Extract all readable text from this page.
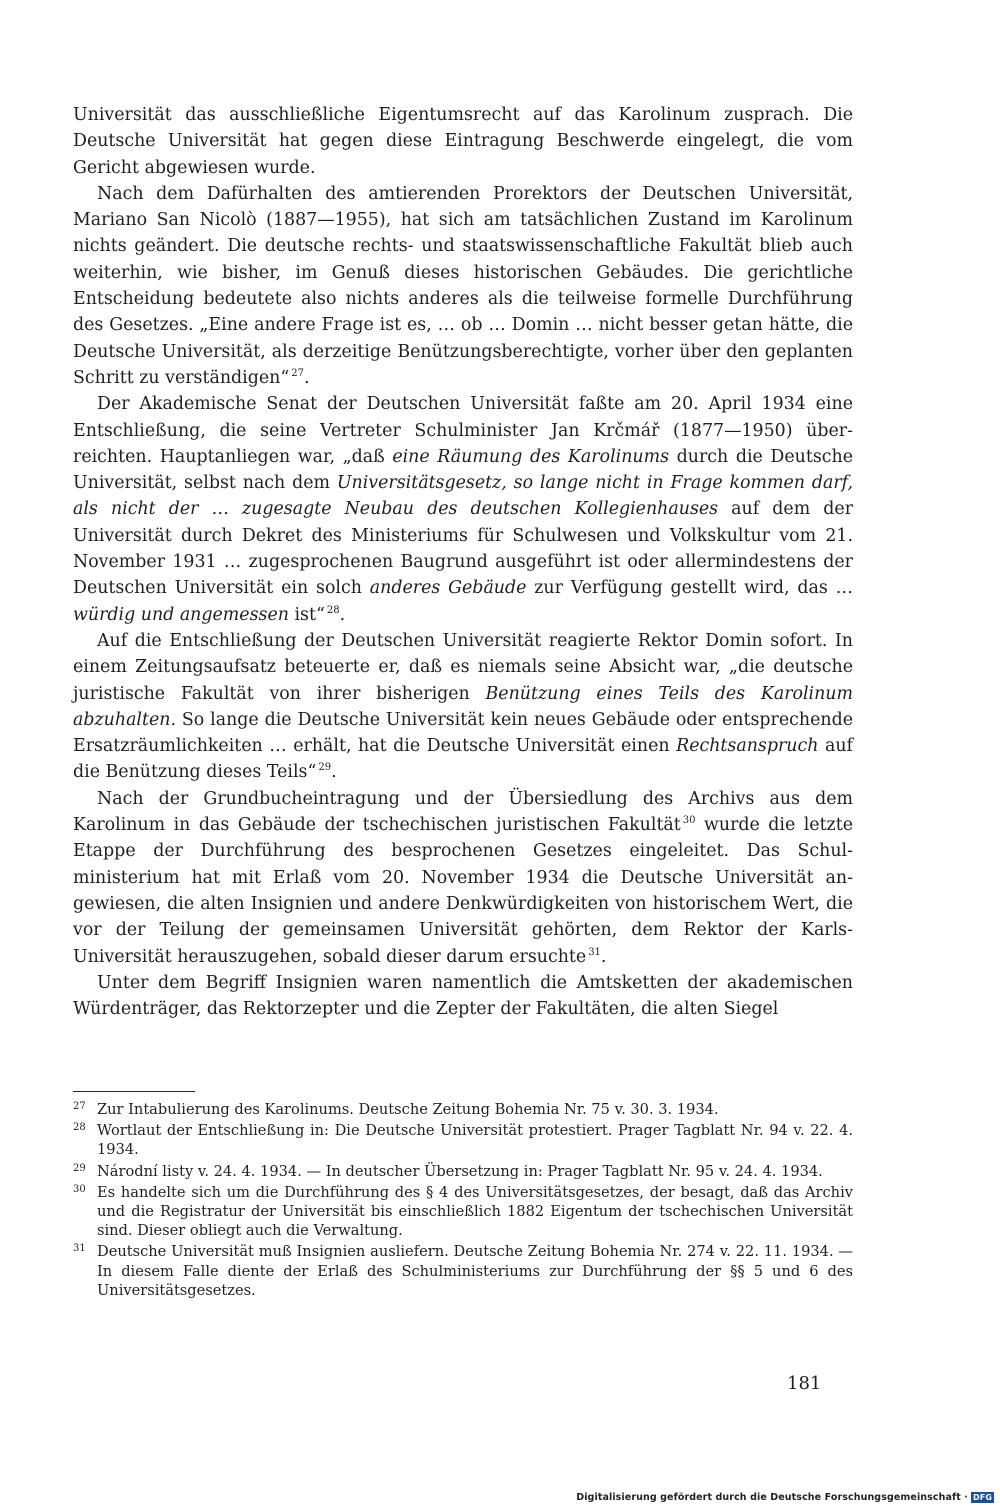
Universität das ausschließliche Eigentumsrecht auf das Karolinum zusprach. Die Deutsche Universität hat gegen diese Eintragung Beschwerde eingelegt, die vom Gericht abgewiesen wurde.

Nach dem Dafürhalten des amtierenden Prorektors der Deutschen Universität, Mariano San Nicolò (1887—1955), hat sich am tatsächlichen Zustand im Karolinum nichts geändert. Die deutsche rechts- und staatswissenschaftliche Fakultät blieb auch weiterhin, wie bisher, im Genuß dieses historischen Gebäudes. Die gerichtliche Entscheidung bedeutete also nichts anderes als die teilweise formelle Durchführung des Gesetzes. „Eine andere Frage ist es, … ob … Domin … nicht besser getan hätte, die Deutsche Universität, als derzeitige Benützungsberechtigte, vorher über den geplanten Schritt zu verständigen“ $^{27}$.

Der Akademische Senat der Deutschen Universität faßte am 20. April 1934 eine Entschließung, die seine Vertreter Schulminister Jan Krčmář (1877—1950) überreichten. Hauptanliegen war, „daß eine Räumung des Karolinums durch die Deutsche Universität, selbst nach dem Universitätsgesetz, so lange nicht in Frage kommen darf, als nicht der … zugesagte Neubau des deutschen Kollegienhauses auf dem der Universität durch Dekret des Ministeriums für Schulwesen und Volkskultur vom 21. November 1931 … zugesprochenen Baugrund ausgeführt ist oder allermindestens der Deutschen Universität ein solch anderes Gebäude zur Verfügung gestellt wird, das … würdig und angemessen ist“ $^{28}$.

Auf die Entschließung der Deutschen Universität reagierte Rektor Domin sofort. In einem Zeitungsaufsatz beteuerte er, daß es niemals seine Absicht war, „die deutsche juristische Fakultät von ihrer bisherigen Benützung eines Teils des Karolinum abzuhalten. So lange die Deutsche Universität kein neues Gebäude oder entsprechende Ersatzräumlichkeiten … erhält, hat die Deutsche Universität einen Rechtsanspruch auf die Benützung dieses Teils“ $^{29}$.

Nach der Grundbucheintragung und der Übersiedlung des Archivs aus dem Karolinum in das Gebäude der tschechischen juristischen Fakultät $^{30}$ wurde die letzte Etappe der Durchführung des besprochenen Gesetzes eingeleitet. Das Schulministerium hat mit Erlaß vom 20. November 1934 die Deutsche Universität angewiesen, die alten Insignien und andere Denkwürdigkeiten von historischem Wert, die vor der Teilung der gemeinsamen Universität gehörten, dem Rektor der Karls-Universität herauszugehen, sobald dieser darum ersuchte $^{31}$.

Unter dem Begriff Insignien waren namentlich die Amtsketten der akademischen Würdenträger, das Rektorzepter und die Zepter der Fakultäten, die alten Siegel

27 Zur Intabulierung des Karolinums. Deutsche Zeitung Bohemia Nr. 75 v. 30. 3. 1934.
28 Wortlaut der Entschließung in: Die Deutsche Universität protestiert. Prager Tagblatt Nr. 94 v. 22. 4. 1934.
29 Národní listy v. 24. 4. 1934. — In deutscher Übersetzung in: Prager Tagblatt Nr. 95 v. 24. 4. 1934.
30 Es handelte sich um die Durchführung des § 4 des Universitätsgesetzes, der besagt, daß das Archiv und die Registratur der Universität bis einschließlich 1882 Eigentum der tschechischen Universität sind. Dieser obliegt auch die Verwaltung.
31 Deutsche Universität muß Insignien ausliefern. Deutsche Zeitung Bohemia Nr. 274 v. 22. 11. 1934. — In diesem Falle diente der Erlaß des Schulministeriums zur Durchführung der §§ 5 und 6 des Universitätsgesetzes.
181
Digitalisierung gefördert durch die Deutsche Forschungsgemeinschaft · DFG
